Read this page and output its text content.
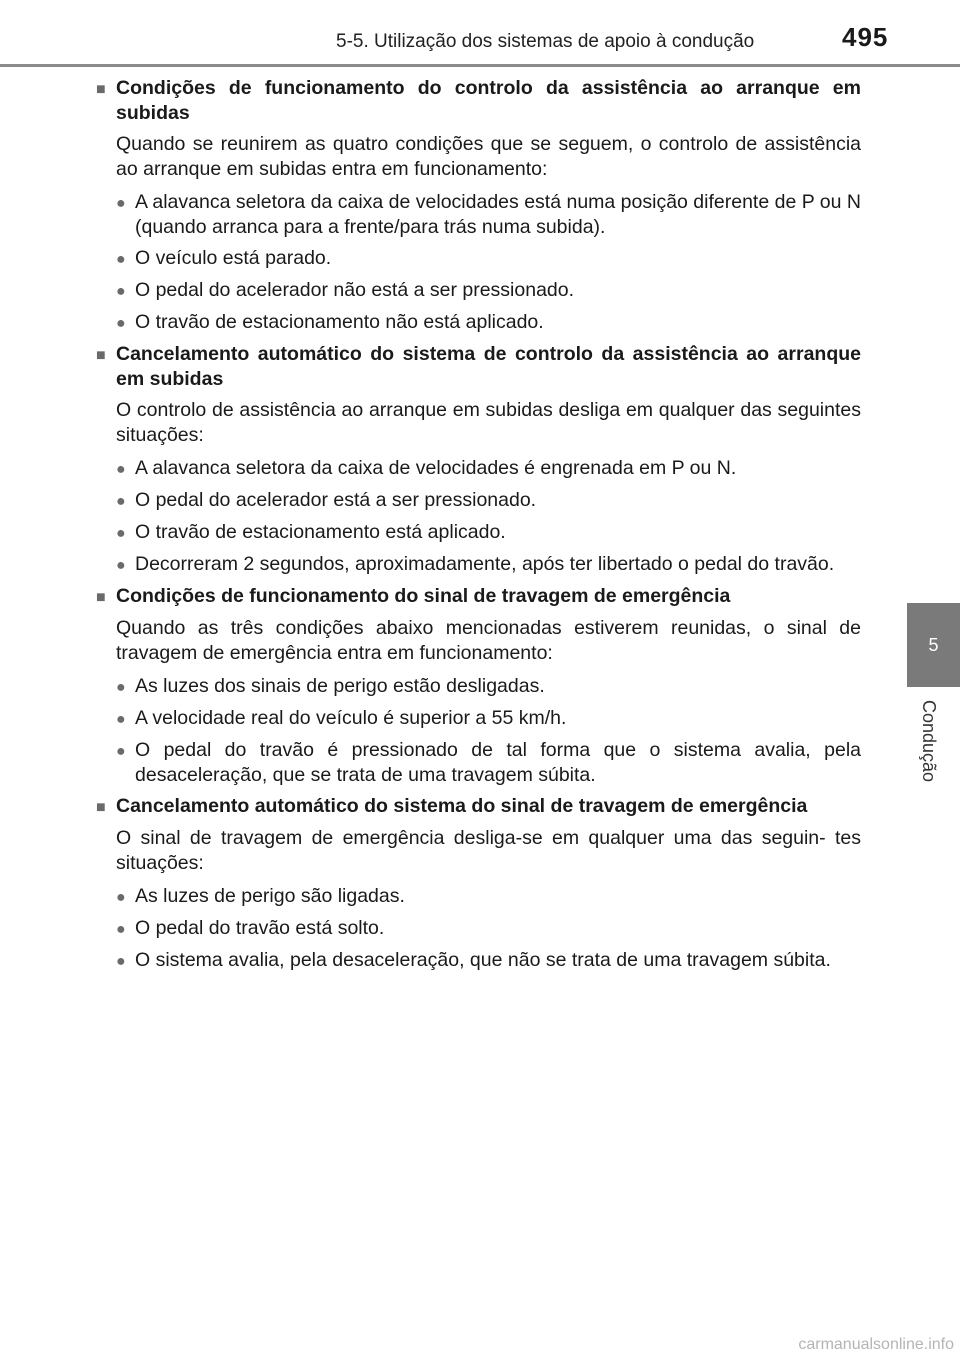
5-5. Utilização dos sistemas de apoio à condução	495
5
Condução
■ Condições de funcionamento do controlo da assistência ao arranque em subidas
Quando se reunirem as quatro condições que se seguem, o controlo de assistência ao arranque em subidas entra em funcionamento:
● A alavanca seletora da caixa de velocidades está numa posição diferente de P ou N (quando arranca para a frente/para trás numa subida).
● O veículo está parado.
● O pedal do acelerador não está a ser pressionado.
● O travão de estacionamento não está aplicado.
■ Cancelamento automático do sistema de controlo da assistência ao arranque em subidas
O controlo de assistência ao arranque em subidas desliga em qualquer das seguintes situações:
● A alavanca seletora da caixa de velocidades é engrenada em P ou N.
● O pedal do acelerador está a ser pressionado.
● O travão de estacionamento está aplicado.
● Decorreram 2 segundos, aproximadamente, após ter libertado o pedal do travão.
■ Condições de funcionamento do sinal de travagem de emergência
Quando as três condições abaixo mencionadas estiverem reunidas, o sinal de travagem de emergência entra em funcionamento:
● As luzes dos sinais de perigo estão desligadas.
● A velocidade real do veículo é superior a 55 km/h.
● O pedal do travão é pressionado de tal forma que o sistema avalia, pela desaceleração, que se trata de uma travagem súbita.
■ Cancelamento automático do sistema do sinal de travagem de emergência
O sinal de travagem de emergência desliga-se em qualquer uma das seguin- tes situações:
● As luzes de perigo são ligadas.
● O pedal do travão está solto.
● O sistema avalia, pela desaceleração, que não se trata de uma travagem súbita.
carmanualsonline.info
